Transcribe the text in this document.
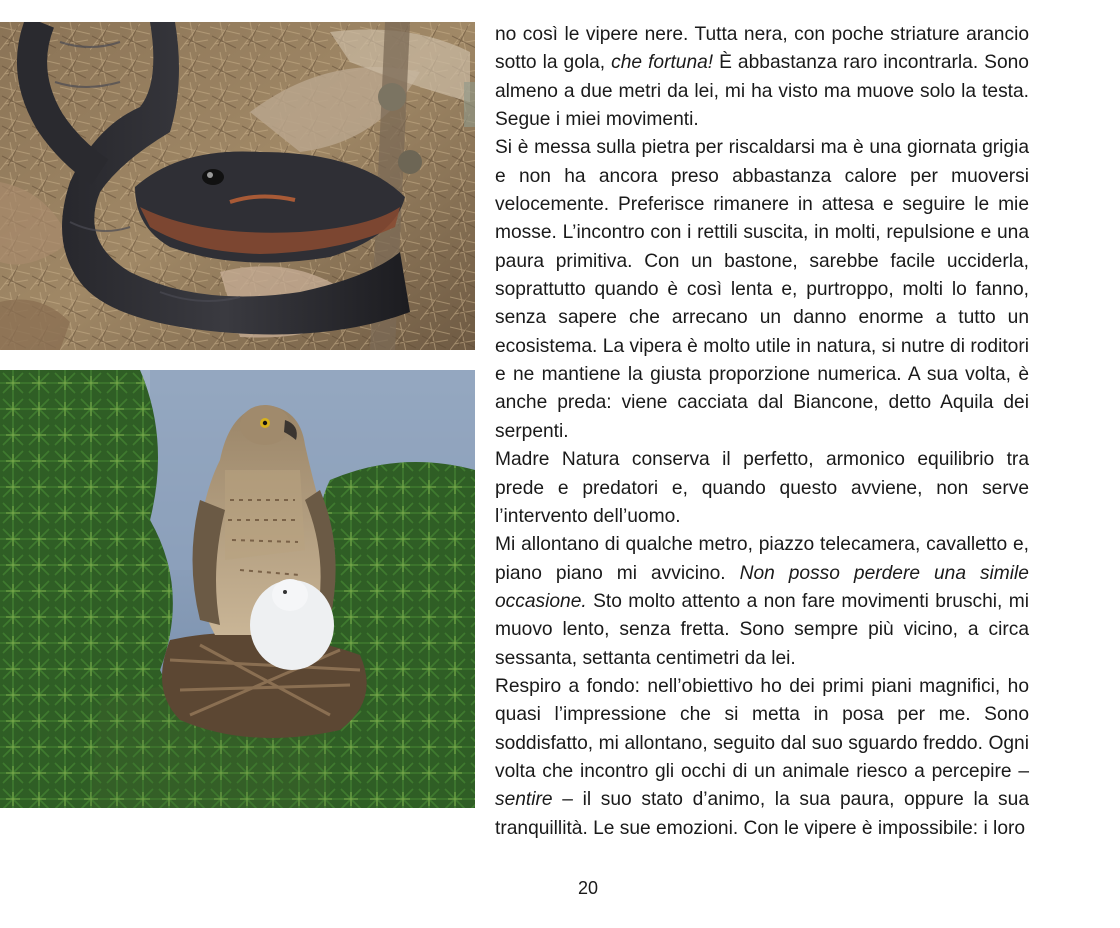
no così le vipere nere. Tutta nera, con poche striature arancio sotto la gola, che fortuna! È abbastanza raro incontrarla. Sono almeno a due metri da lei, mi ha visto ma muove solo la testa. Segue i miei movimenti.

Si è messa sulla pietra per riscaldarsi ma è una giornata grigia e non ha ancora preso abbastanza calore per muoversi velocemente. Preferisce rimanere in attesa e seguire le mie mosse. L’incontro con i rettili suscita, in molti, repulsione e una paura primitiva. Con un bastone, sarebbe facile ucciderla, soprattutto quando è così lenta e, purtroppo, molti lo fanno, senza sapere che arrecano un danno enorme a tutto un ecosistema. La vipera è molto utile in natura, si nutre di roditori e ne mantiene la giusta proporzione numerica. A sua volta, è anche preda: viene cacciata dal Biancone, detto Aquila dei serpenti.

Madre Natura conserva il perfetto, armonico equilibrio tra prede e predatori e, quando questo avviene, non serve l’intervento dell’uomo.

Mi allontano di qualche metro, piazzo telecamera, cavalletto e, piano piano mi avvicino. Non posso perdere una simile occasione. Sto molto attento a non fare movimenti bruschi, mi muovo lento, senza fretta. Sono sempre più vicino, a circa sessanta, settanta centimetri da lei.

Respiro a fondo: nell’obiettivo ho dei primi piani magnifici, ho quasi l’impressione che si metta in posa per me. Sono soddisfatto, mi allontano, seguito dal suo sguardo freddo. Ogni volta che incontro gli occhi di un animale riesco a percepire – sentire – il suo stato d’animo, la sua paura, oppure la sua tranquillità. Le sue emozioni. Con le vipere è impossibile: i loro

20
